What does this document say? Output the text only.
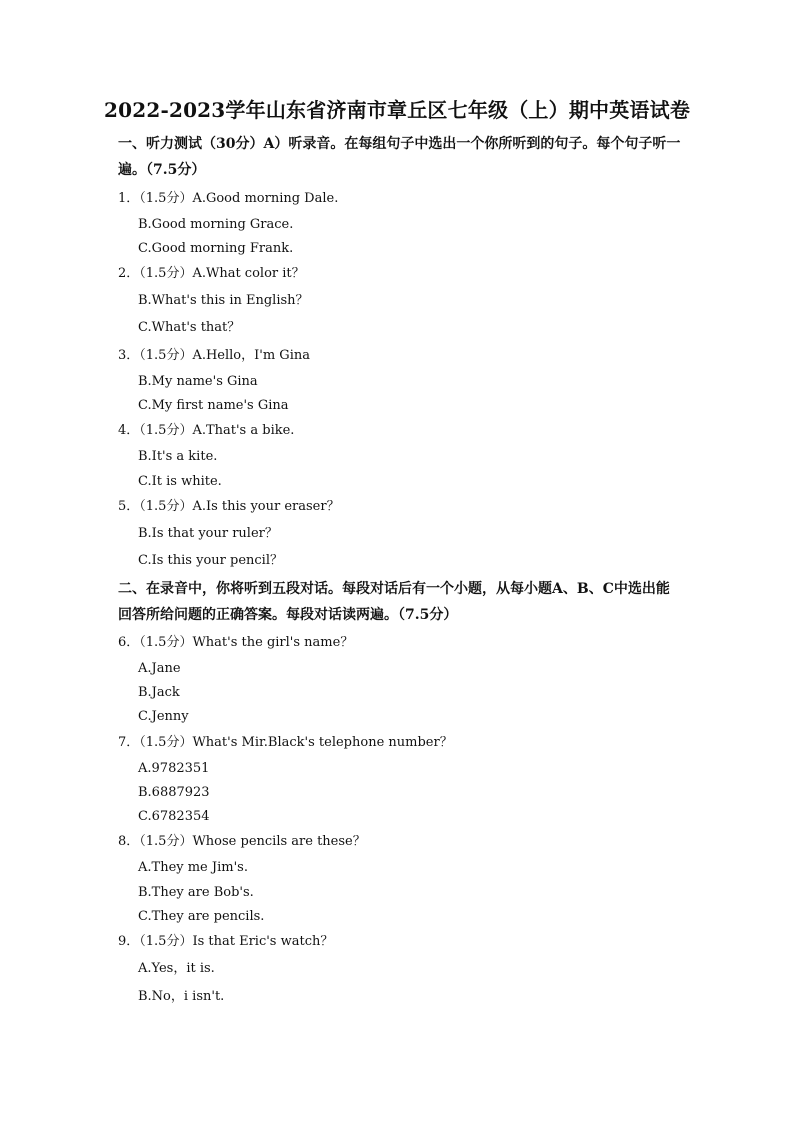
2022-2023学年山东省济南市章丘区七年级（上）期中英语试卷
一、听力测试（30分）A）听录音。在每组句子中选出一个你所听到的句子。每个句子听一遍。（7.5分）
1．（1.5分）A.Good morning Dale.
B.Good morning Grace.
C.Good morning Frank.
2．（1.5分）A.What color it？
B.What's this in English？
C.What's that？
3．（1.5分）A.Hello，I'm Gina
B.My name's Gina
C.My first name's Gina
4．（1.5分）A.That's a bike.
B.It's a kite.
C.It is white.
5．（1.5分）A.Is this your eraser？
B.Is that your ruler？
C.Is this your pencil？
二、在录音中，你将听到五段对话。每段对话后有一个小题，从每小题A、B、C中选出能回答所给问题的正确答案。每段对话读两遍。（7.5分）
6．（1.5分）What's the girl's name？
A.Jane
B.Jack
C.Jenny
7．（1.5分）What's Mir.Black's telephone number？
A.9782351
B.6887923
C.6782354
8．（1.5分）Whose pencils are these？
A.They me Jim's.
B.They are Bob's.
C.They are pencils.
9．（1.5分）Is that Eric's watch？
A.Yes，it is.
B.No，i isn't.
